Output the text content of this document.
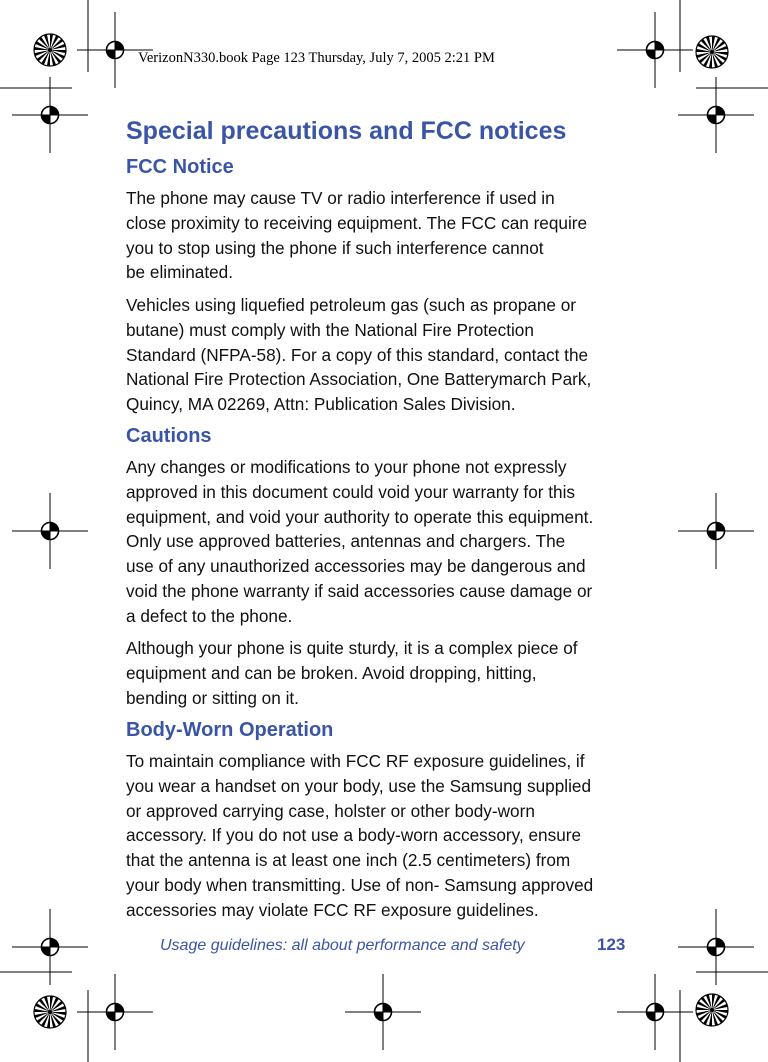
VerizonN330.book Page 123 Thursday, July 7, 2005 2:21 PM
Special precautions and FCC notices
FCC Notice

The phone may cause TV or radio interference if used in
close proximity to receiving equipment. The FCC can require
you to stop using the phone if such interference cannot
be eliminated.

Vehicles using liquefied petroleum gas (such as propane or
butane) must comply with the National Fire Protection
Standard (NFPA-58). For a copy of this standard, contact the
National Fire Protection Association, One Batterymarch Park,
Quincy, MA 02269, Attn: Publication Sales Division.

Cautions

Any changes or modifications to your phone not expressly
approved in this document could void your warranty for this
equipment, and void your authority to operate this equipment.
Only use approved batteries, antennas and chargers. The
use of any unauthorized accessories may be dangerous and
void the phone warranty if said accessories cause damage or
a defect to the phone.

Although your phone is quite sturdy, it is a complex piece of
equipment and can be broken. Avoid dropping, hitting,
bending or sitting on it.

Body-Worn Operation

To maintain compliance with FCC RF exposure guidelines, if
you wear a handset on your body, use the Samsung supplied
or approved carrying case, holster or other body-worn
accessory. If you do not use a body-worn accessory, ensure
that the antenna is at least one inch (2.5 centimeters) from
your body when transmitting. Use of non- Samsung approved
accessories may violate FCC RF exposure guidelines.

Usage guidelines: all about performance and safety	123
